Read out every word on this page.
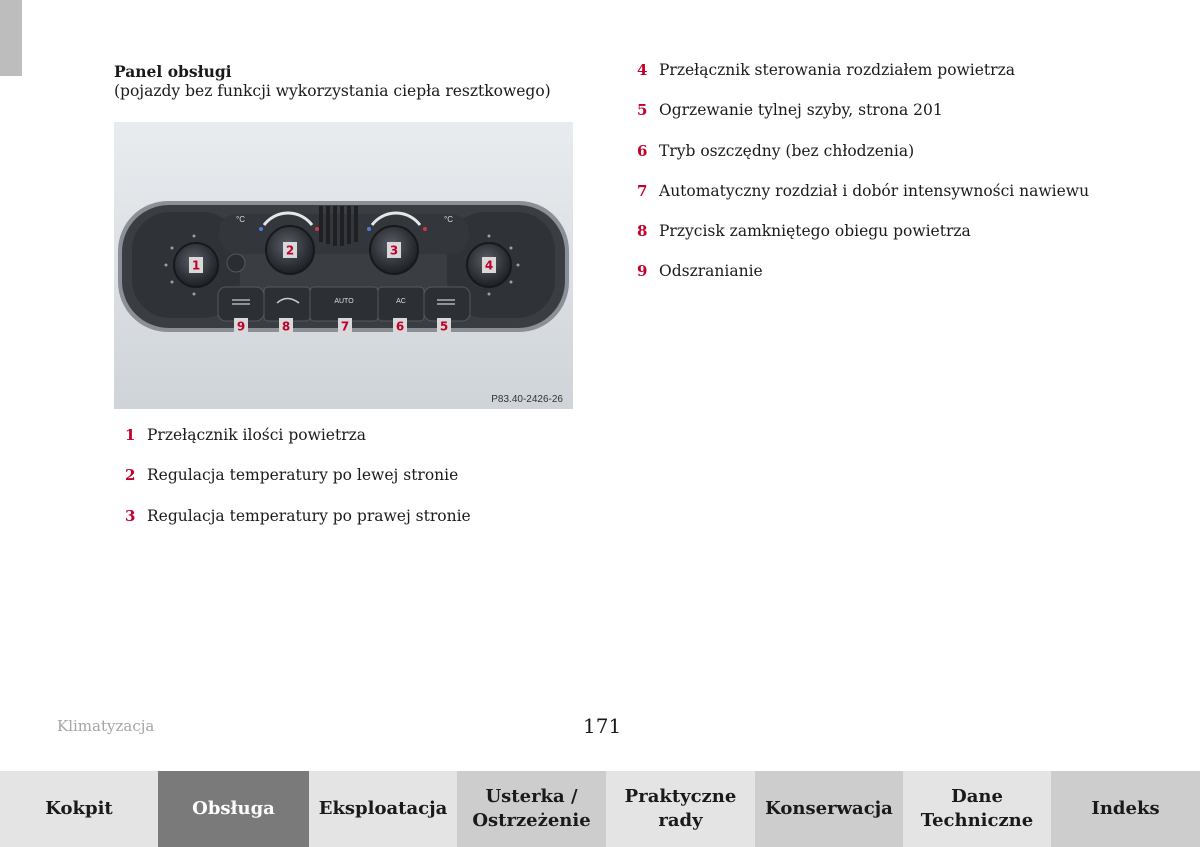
Panel obsługi

(pojazdy bez funkcji wykorzystania ciepła resztkowego)

°C	°C
AUTO	AC
1
2	3
4
5
6
7
8
9
P83.40-2426-26
1 Przełącznik ilości powietrza
2 Regulacja temperatury po lewej stronie
3 Regulacja temperatury po prawej stronie
4 Przełącznik sterowania rozdziałem powietrza
5 Ogrzewanie tylnej szyby, strona 201
6 Tryb oszczędny (bez chłodzenia)
7 Automatyczny rozdział i dobór intensywności nawiewu
8 Przycisk zamkniętego obiegu powietrza
9 Odszranianie

Klimatyzacja	171

Kokpit	Obsługa Eksploatacja
Usterka /
Ostrzeżenie
Praktyczne
rady
Konserwacja
Dane
Techniczne
Indeks
